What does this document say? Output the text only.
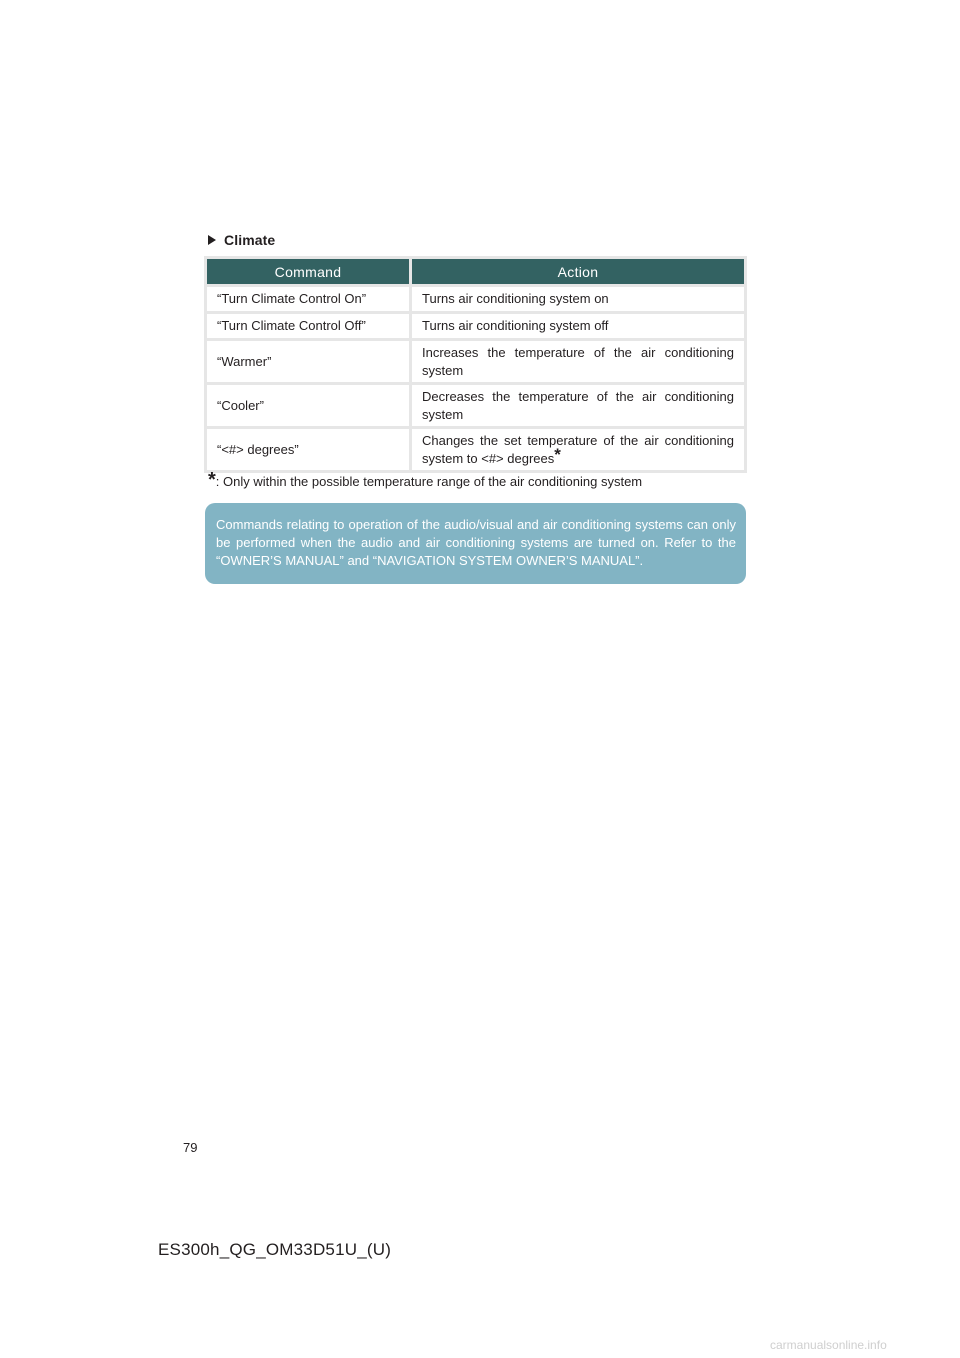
Climate
Command	Action
“Turn Climate Control On”	Turns air conditioning system on
“Turn Climate Control Off”	Turns air conditioning system off
“Warmer”	Increases the temperature of the air conditioning system
“Cooler”	Decreases the temperature of the air conditioning system
“<#> degrees”	Changes the set temperature of the air conditioning system to <#> degrees*
*: Only within the possible temperature range of the air conditioning system
Commands relating to operation of the audio/visual and air conditioning systems can only be performed when the audio and air conditioning systems are turned on. Refer to the “OWNER’S MANUAL” and “NAVIGATION SYSTEM OWNER’S MANUAL”.
79
ES300h_QG_OM33D51U_(U)
carmanualsonline.info
